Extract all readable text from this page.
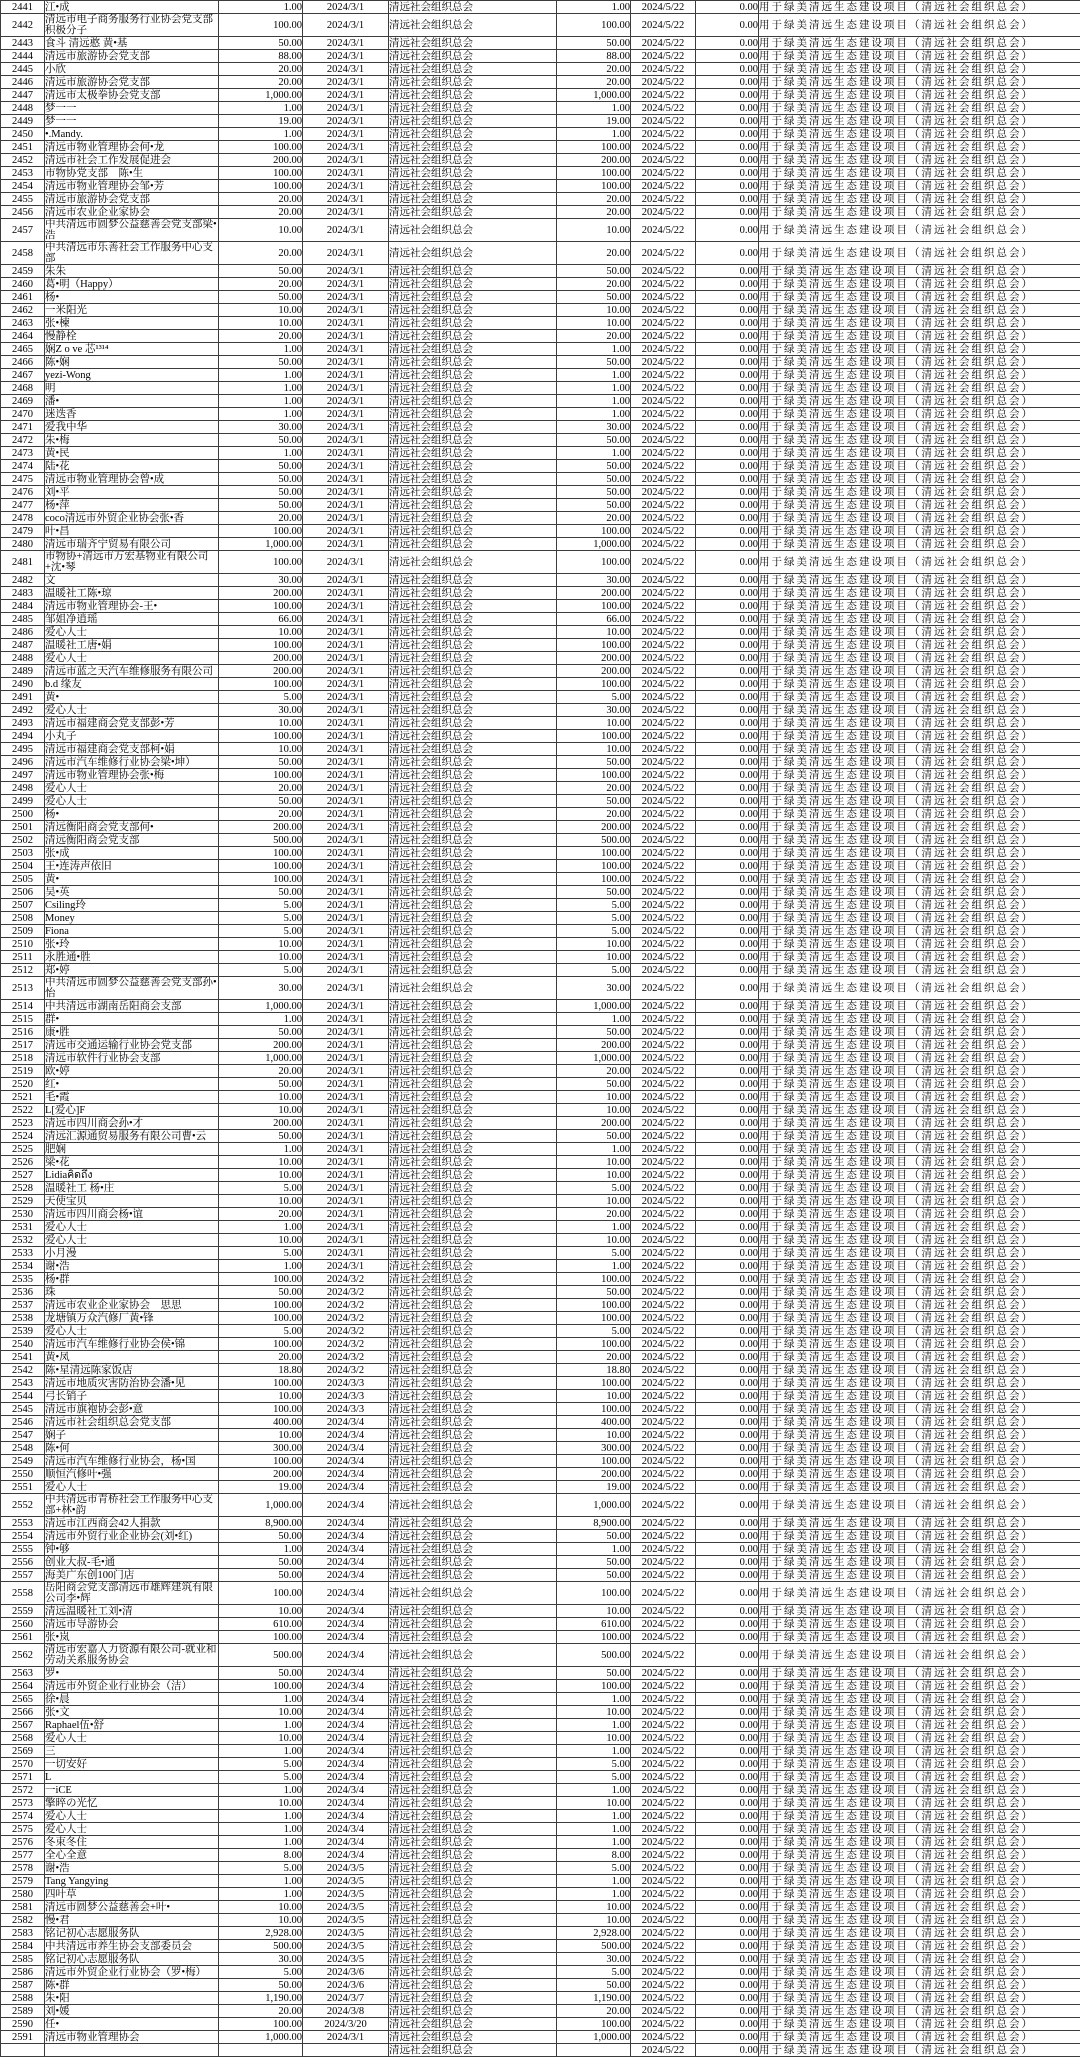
2441	江•成	1.00	2024/3/1	清远社会组织总会	1.00	2024/5/22	0.00	用于绿美清远生态建设项目（清远社会组织总会）
2442	清远市电子商务服务行业协会党支部积极分子	100.00	2024/3/1	清远社会组织总会	100.00	2024/5/22	0.00	用于绿美清远生态建设项目（清远社会组织总会）
2443	食斗 清远憨 黄•基	50.00	2024/3/1	清远社会组织总会	50.00	2024/5/22	0.00	用于绿美清远生态建设项目（清远社会组织总会）
2444	清远市旅游协会党支部	88.00	2024/3/1	清远社会组织总会	88.00	2024/5/22	0.00	用于绿美清远生态建设项目（清远社会组织总会）
2445	小欣	20.00	2024/3/1	清远社会组织总会	20.00	2024/5/22	0.00	用于绿美清远生态建设项目（清远社会组织总会）
2446	清远市旅游协会党支部	20.00	2024/3/1	清远社会组织总会	20.00	2024/5/22	0.00	用于绿美清远生态建设项目（清远社会组织总会）
2447	清远市太极拳协会党支部	1,000.00	2024/3/1	清远社会组织总会	1,000.00	2024/5/22	0.00	用于绿美清远生态建设项目（清远社会组织总会）
2448	梦一一	1.00	2024/3/1	清远社会组织总会	1.00	2024/5/22	0.00	用于绿美清远生态建设项目（清远社会组织总会）
2449	梦一一	19.00	2024/3/1	清远社会组织总会	19.00	2024/5/22	0.00	用于绿美清远生态建设项目（清远社会组织总会）
2450	•.Mandy.	1.00	2024/3/1	清远社会组织总会	1.00	2024/5/22	0.00	用于绿美清远生态建设项目（清远社会组织总会）
2451	清远市物业管理协会何•龙	100.00	2024/3/1	清远社会组织总会	100.00	2024/5/22	0.00	用于绿美清远生态建设项目（清远社会组织总会）
2452	清远市社会工作发展促进会	200.00	2024/3/1	清远社会组织总会	200.00	2024/5/22	0.00	用于绿美清远生态建设项目（清远社会组织总会）
2453	市物协党支部　陈•生	100.00	2024/3/1	清远社会组织总会	100.00	2024/5/22	0.00	用于绿美清远生态建设项目（清远社会组织总会）
2454	清远市物业管理协会邹•芳	100.00	2024/3/1	清远社会组织总会	100.00	2024/5/22	0.00	用于绿美清远生态建设项目（清远社会组织总会）
2455	清远市旅游协会党支部	20.00	2024/3/1	清远社会组织总会	20.00	2024/5/22	0.00	用于绿美清远生态建设项目（清远社会组织总会）
2456	清远市农业企业家协会	20.00	2024/3/1	清远社会组织总会	20.00	2024/5/22	0.00	用于绿美清远生态建设项目（清远社会组织总会）
2457	中共清远市圆梦公益慈善会党支部梁•浩	10.00	2024/3/1	清远社会组织总会	10.00	2024/5/22	0.00	用于绿美清远生态建设项目（清远社会组织总会）
2458	中共清远市乐善社会工作服务中心支部	20.00	2024/3/1	清远社会组织总会	20.00	2024/5/22	0.00	用于绿美清远生态建设项目（清远社会组织总会）
2459	朱朱	50.00	2024/3/1	清远社会组织总会	50.00	2024/5/22	0.00	用于绿美清远生态建设项目（清远社会组织总会）
2460	葛•明（Happy）	20.00	2024/3/1	清远社会组织总会	20.00	2024/5/22	0.00	用于绿美清远生态建设项目（清远社会组织总会）
2461	杨•	50.00	2024/3/1	清远社会组织总会	50.00	2024/5/22	0.00	用于绿美清远生态建设项目（清远社会组织总会）
2462	一米阳光	10.00	2024/3/1	清远社会组织总会	10.00	2024/5/22	0.00	用于绿美清远生态建设项目（清远社会组织总会）
2463	张•楝	10.00	2024/3/1	清远社会组织总会	10.00	2024/5/22	0.00	用于绿美清远生态建设项目（清远社会组织总会）
2464	慢静栓	20.00	2024/3/1	清远社会组织总会	20.00	2024/5/22	0.00	用于绿美清远生态建设项目（清远社会组织总会）
2465	娴Z o ve 芯¹³¹⁴	1.00	2024/3/1	清远社会组织总会	1.00	2024/5/22	0.00	用于绿美清远生态建设项目（清远社会组织总会）
2466	陈•娴	50.00	2024/3/1	清远社会组织总会	50.00	2024/5/22	0.00	用于绿美清远生态建设项目（清远社会组织总会）
2467	yezi-Wong	1.00	2024/3/1	清远社会组织总会	1.00	2024/5/22	0.00	用于绿美清远生态建设项目（清远社会组织总会）
2468	明	1.00	2024/3/1	清远社会组织总会	1.00	2024/5/22	0.00	用于绿美清远生态建设项目（清远社会组织总会）
2469	潘•	1.00	2024/3/1	清远社会组织总会	1.00	2024/5/22	0.00	用于绿美清远生态建设项目（清远社会组织总会）
2470	迷迭香	1.00	2024/3/1	清远社会组织总会	1.00	2024/5/22	0.00	用于绿美清远生态建设项目（清远社会组织总会）
2471	爱我中华	30.00	2024/3/1	清远社会组织总会	30.00	2024/5/22	0.00	用于绿美清远生态建设项目（清远社会组织总会）
2472	朱•梅	50.00	2024/3/1	清远社会组织总会	50.00	2024/5/22	0.00	用于绿美清远生态建设项目（清远社会组织总会）
2473	黄•民	1.00	2024/3/1	清远社会组织总会	1.00	2024/5/22	0.00	用于绿美清远生态建设项目（清远社会组织总会）
2474	陆•花	50.00	2024/3/1	清远社会组织总会	50.00	2024/5/22	0.00	用于绿美清远生态建设项目（清远社会组织总会）
2475	清远市物业管理协会曾•成	50.00	2024/3/1	清远社会组织总会	50.00	2024/5/22	0.00	用于绿美清远生态建设项目（清远社会组织总会）
2476	刘•平	50.00	2024/3/1	清远社会组织总会	50.00	2024/5/22	0.00	用于绿美清远生态建设项目（清远社会组织总会）
2477	杨•萍	50.00	2024/3/1	清远社会组织总会	50.00	2024/5/22	0.00	用于绿美清远生态建设项目（清远社会组织总会）
2478	coco清远市外贸企业协会张•香	20.00	2024/3/1	清远社会组织总会	20.00	2024/5/22	0.00	用于绿美清远生态建设项目（清远社会组织总会）
2479	叶•昌	100.00	2024/3/1	清远社会组织总会	100.00	2024/5/22	0.00	用于绿美清远生态建设项目（清远社会组织总会）
2480	清远市瑞齐宁贸易有限公司	1,000.00	2024/3/1	清远社会组织总会	1,000.00	2024/5/22	0.00	用于绿美清远生态建设项目（清远社会组织总会）
2481	市物协+清远市万宏基物业有限公司+沈•琴	100.00	2024/3/1	清远社会组织总会	100.00	2024/5/22	0.00	用于绿美清远生态建设项目（清远社会组织总会）
2482	文	30.00	2024/3/1	清远社会组织总会	30.00	2024/5/22	0.00	用于绿美清远生态建设项目（清远社会组织总会）
2483	温暖社工陈•琼	200.00	2024/3/1	清远社会组织总会	200.00	2024/5/22	0.00	用于绿美清远生态建设项目（清远社会组织总会）
2484	清远市物业管理协会-王•	100.00	2024/3/1	清远社会组织总会	100.00	2024/5/22	0.00	用于绿美清远生态建设项目（清远社会组织总会）
2485	邹姐净逍瑶	66.00	2024/3/1	清远社会组织总会	66.00	2024/5/22	0.00	用于绿美清远生态建设项目（清远社会组织总会）
2486	爱心人士	10.00	2024/3/1	清远社会组织总会	10.00	2024/5/22	0.00	用于绿美清远生态建设项目（清远社会组织总会）
2487	温暖社工唐•娟	100.00	2024/3/1	清远社会组织总会	100.00	2024/5/22	0.00	用于绿美清远生态建设项目（清远社会组织总会）
2488	爱心人士	200.00	2024/3/1	清远社会组织总会	200.00	2024/5/22	0.00	用于绿美清远生态建设项目（清远社会组织总会）
2489	清远市蓝之天汽车维修服务有限公司	200.00	2024/3/1	清远社会组织总会	200.00	2024/5/22	0.00	用于绿美清远生态建设项目（清远社会组织总会）
2490	b.d 缘友	100.00	2024/3/1	清远社会组织总会	100.00	2024/5/22	0.00	用于绿美清远生态建设项目（清远社会组织总会）
2491	黄•	5.00	2024/3/1	清远社会组织总会	5.00	2024/5/22	0.00	用于绿美清远生态建设项目（清远社会组织总会）
2492	爱心人士	30.00	2024/3/1	清远社会组织总会	30.00	2024/5/22	0.00	用于绿美清远生态建设项目（清远社会组织总会）
2493	清远市福建商会党支部彭•芳	10.00	2024/3/1	清远社会组织总会	10.00	2024/5/22	0.00	用于绿美清远生态建设项目（清远社会组织总会）
2494	小丸子	100.00	2024/3/1	清远社会组织总会	100.00	2024/5/22	0.00	用于绿美清远生态建设项目（清远社会组织总会）
2495	清远市福建商会党支部柯•娟	10.00	2024/3/1	清远社会组织总会	10.00	2024/5/22	0.00	用于绿美清远生态建设项目（清远社会组织总会）
2496	清远市汽车维修行业协会梁•坤）	50.00	2024/3/1	清远社会组织总会	50.00	2024/5/22	0.00	用于绿美清远生态建设项目（清远社会组织总会）
2497	清远市物业管理协会张•梅	100.00	2024/3/1	清远社会组织总会	100.00	2024/5/22	0.00	用于绿美清远生态建设项目（清远社会组织总会）
2498	爱心人士	20.00	2024/3/1	清远社会组织总会	20.00	2024/5/22	0.00	用于绿美清远生态建设项目（清远社会组织总会）
2499	爱心人士	50.00	2024/3/1	清远社会组织总会	50.00	2024/5/22	0.00	用于绿美清远生态建设项目（清远社会组织总会）
2500	杨•	20.00	2024/3/1	清远社会组织总会	20.00	2024/5/22	0.00	用于绿美清远生态建设项目（清远社会组织总会）
2501	清远衡阳商会党支部何•	200.00	2024/3/1	清远社会组织总会	200.00	2024/5/22	0.00	用于绿美清远生态建设项目（清远社会组织总会）
2502	清远衡阳商会党支部	500.00	2024/3/1	清远社会组织总会	500.00	2024/5/22	0.00	用于绿美清远生态建设项目（清远社会组织总会）
2503	张•成	100.00	2024/3/1	清远社会组织总会	100.00	2024/5/22	0.00	用于绿美清远生态建设项目（清远社会组织总会）
2504	王•连涛声依旧	100.00	2024/3/1	清远社会组织总会	100.00	2024/5/22	0.00	用于绿美清远生态建设项目（清远社会组织总会）
2505	黄•	100.00	2024/3/1	清远社会组织总会	100.00	2024/5/22	0.00	用于绿美清远生态建设项目（清远社会组织总会）
2506	吴•英	50.00	2024/3/1	清远社会组织总会	50.00	2024/5/22	0.00	用于绿美清远生态建设项目（清远社会组织总会）
2507	Csiling玲	5.00	2024/3/1	清远社会组织总会	5.00	2024/5/22	0.00	用于绿美清远生态建设项目（清远社会组织总会）
2508	Money	5.00	2024/3/1	清远社会组织总会	5.00	2024/5/22	0.00	用于绿美清远生态建设项目（清远社会组织总会）
2509	Fiona	5.00	2024/3/1	清远社会组织总会	5.00	2024/5/22	0.00	用于绿美清远生态建设项目（清远社会组织总会）
2510	张•玲	10.00	2024/3/1	清远社会组织总会	10.00	2024/5/22	0.00	用于绿美清远生态建设项目（清远社会组织总会）
2511	永胜通•胜	10.00	2024/3/1	清远社会组织总会	10.00	2024/5/22	0.00	用于绿美清远生态建设项目（清远社会组织总会）
2512	郑•婷	5.00	2024/3/1	清远社会组织总会	5.00	2024/5/22	0.00	用于绿美清远生态建设项目（清远社会组织总会）
2513	中共清远市圆梦公益慈善会党支部孙•怡	30.00	2024/3/1	清远社会组织总会	30.00	2024/5/22	0.00	用于绿美清远生态建设项目（清远社会组织总会）
2514	中共清远市湖南岳阳商会支部	1,000.00	2024/3/1	清远社会组织总会	1,000.00	2024/5/22	0.00	用于绿美清远生态建设项目（清远社会组织总会）
2515	群•	1.00	2024/3/1	清远社会组织总会	1.00	2024/5/22	0.00	用于绿美清远生态建设项目（清远社会组织总会）
2516	康•胜	50.00	2024/3/1	清远社会组织总会	50.00	2024/5/22	0.00	用于绿美清远生态建设项目（清远社会组织总会）
2517	清远市交通运输行业协会党支部	200.00	2024/3/1	清远社会组织总会	200.00	2024/5/22	0.00	用于绿美清远生态建设项目（清远社会组织总会）
2518	清远市软件行业协会支部	1,000.00	2024/3/1	清远社会组织总会	1,000.00	2024/5/22	0.00	用于绿美清远生态建设项目（清远社会组织总会）
2519	欧•婷	20.00	2024/3/1	清远社会组织总会	20.00	2024/5/22	0.00	用于绿美清远生态建设项目（清远社会组织总会）
2520	红•	50.00	2024/3/1	清远社会组织总会	50.00	2024/5/22	0.00	用于绿美清远生态建设项目（清远社会组织总会）
2521	毛•霞	10.00	2024/3/1	清远社会组织总会	10.00	2024/5/22	0.00	用于绿美清远生态建设项目（清远社会组织总会）
2522	L[爱心]F	10.00	2024/3/1	清远社会组织总会	10.00	2024/5/22	0.00	用于绿美清远生态建设项目（清远社会组织总会）
2523	清远市四川商会孙•才	200.00	2024/3/1	清远社会组织总会	200.00	2024/5/22	0.00	用于绿美清远生态建设项目（清远社会组织总会）
2524	清远汇源通贸易服务有限公司曹•云	50.00	2024/3/1	清远社会组织总会	50.00	2024/5/22	0.00	用于绿美清远生态建设项目（清远社会组织总会）
2525	肥娴	1.00	2024/3/1	清远社会组织总会	1.00	2024/5/22	0.00	用于绿美清远生态建设项目（清远社会组织总会）
2526	梁•花	10.00	2024/3/1	清远社会组织总会	10.00	2024/5/22	0.00	用于绿美清远生态建设项目（清远社会组织总会）
2527	Lidiaคิดถึง	10.00	2024/3/1	清远社会组织总会	10.00	2024/5/22	0.00	用于绿美清远生态建设项目（清远社会组织总会）
2528	温暖社工 杨•庄	5.00	2024/3/1	清远社会组织总会	5.00	2024/5/22	0.00	用于绿美清远生态建设项目（清远社会组织总会）
2529	天使宝贝	10.00	2024/3/1	清远社会组织总会	10.00	2024/5/22	0.00	用于绿美清远生态建设项目（清远社会组织总会）
2530	清远市四川商会杨•谊	20.00	2024/3/1	清远社会组织总会	20.00	2024/5/22	0.00	用于绿美清远生态建设项目（清远社会组织总会）
2531	爱心人士	1.00	2024/3/1	清远社会组织总会	1.00	2024/5/22	0.00	用于绿美清远生态建设项目（清远社会组织总会）
2532	爱心人士	10.00	2024/3/1	清远社会组织总会	10.00	2024/5/22	0.00	用于绿美清远生态建设项目（清远社会组织总会）
2533	小月漫	5.00	2024/3/1	清远社会组织总会	5.00	2024/5/22	0.00	用于绿美清远生态建设项目（清远社会组织总会）
2534	谢•浩	1.00	2024/3/1	清远社会组织总会	1.00	2024/5/22	0.00	用于绿美清远生态建设项目（清远社会组织总会）
2535	杨•群	100.00	2024/3/2	清远社会组织总会	100.00	2024/5/22	0.00	用于绿美清远生态建设项目（清远社会组织总会）
2536	珠	50.00	2024/3/2	清远社会组织总会	50.00	2024/5/22	0.00	用于绿美清远生态建设项目（清远社会组织总会）
2537	清远市农业企业家协会　思思	100.00	2024/3/2	清远社会组织总会	100.00	2024/5/22	0.00	用于绿美清远生态建设项目（清远社会组织总会）
2538	龙塘镇万众汽修厂黄•锋	100.00	2024/3/2	清远社会组织总会	100.00	2024/5/22	0.00	用于绿美清远生态建设项目（清远社会组织总会）
2539	爱心人士	5.00	2024/3/2	清远社会组织总会	5.00	2024/5/22	0.00	用于绿美清远生态建设项目（清远社会组织总会）
2540	清远市汽车维修行业协会侯•锦	100.00	2024/3/2	清远社会组织总会	100.00	2024/5/22	0.00	用于绿美清远生态建设项目（清远社会组织总会）
2541	黄•凤	20.00	2024/3/2	清远社会组织总会	20.00	2024/5/22	0.00	用于绿美清远生态建设项目（清远社会组织总会）
2542	陈•星清远陈家饭店	18.80	2024/3/2	清远社会组织总会	18.80	2024/5/22	0.00	用于绿美清远生态建设项目（清远社会组织总会）
2543	清远市地质灾害防治协会潘•见	100.00	2024/3/3	清远社会组织总会	100.00	2024/5/22	0.00	用于绿美清远生态建设项目（清远社会组织总会）
2544	弓长销子	10.00	2024/3/3	清远社会组织总会	10.00	2024/5/22	0.00	用于绿美清远生态建设项目（清远社会组织总会）
2545	清远市旗袍协会彭•意	100.00	2024/3/3	清远社会组织总会	100.00	2024/5/22	0.00	用于绿美清远生态建设项目（清远社会组织总会）
2546	清远市社会组织总会党支部	400.00	2024/3/4	清远社会组织总会	400.00	2024/5/22	0.00	用于绿美清远生态建设项目（清远社会组织总会）
2547	娴子	10.00	2024/3/4	清远社会组织总会	10.00	2024/5/22	0.00	用于绿美清远生态建设项目（清远社会组织总会）
2548	陈•何	300.00	2024/3/4	清远社会组织总会	300.00	2024/5/22	0.00	用于绿美清远生态建设项目（清远社会组织总会）
2549	清远市汽车维修行业协会，杨•国	100.00	2024/3/4	清远社会组织总会	100.00	2024/5/22	0.00	用于绿美清远生态建设项目（清远社会组织总会）
2550	顺恒汽修叶•强	200.00	2024/3/4	清远社会组织总会	200.00	2024/5/22	0.00	用于绿美清远生态建设项目（清远社会组织总会）
2551	爱心人士	19.00	2024/3/4	清远社会组织总会	19.00	2024/5/22	0.00	用于绿美清远生态建设项目（清远社会组织总会）
2552	中共清远市青桥社会工作服务中心支部+林•韵	1,000.00	2024/3/4	清远社会组织总会	1,000.00	2024/5/22	0.00	用于绿美清远生态建设项目（清远社会组织总会）
2553	清远市江西商会42人捐款	8,900.00	2024/3/4	清远社会组织总会	8,900.00	2024/5/22	0.00	用于绿美清远生态建设项目（清远社会组织总会）
2554	清远市外贸行业企业协会(刘•红)	50.00	2024/3/4	清远社会组织总会	50.00	2024/5/22	0.00	用于绿美清远生态建设项目（清远社会组织总会）
2555	钟•够	1.00	2024/3/4	清远社会组织总会	1.00	2024/5/22	0.00	用于绿美清远生态建设项目（清远社会组织总会）
2556	创业大叔-毛•通	50.00	2024/3/4	清远社会组织总会	50.00	2024/5/22	0.00	用于绿美清远生态建设项目（清远社会组织总会）
2557	海美广东创100门店	50.00	2024/3/4	清远社会组织总会	50.00	2024/5/22	0.00	用于绿美清远生态建设项目（清远社会组织总会）
2558	岳阳商会党支部清远市雄辉建筑有限公司李•辉	100.00	2024/3/4	清远社会组织总会	100.00	2024/5/22	0.00	用于绿美清远生态建设项目（清远社会组织总会）
2559	清远温暖社工刘•清	10.00	2024/3/4	清远社会组织总会	10.00	2024/5/22	0.00	用于绿美清远生态建设项目（清远社会组织总会）
2560	清远市导游协会	610.00	2024/3/4	清远社会组织总会	610.00	2024/5/22	0.00	用于绿美清远生态建设项目（清远社会组织总会）
2561	张•岚	100.00	2024/3/4	清远社会组织总会	100.00	2024/5/22	0.00	用于绿美清远生态建设项目（清远社会组织总会）
2562	清远市宏嘉人力资源有限公司-就业和劳动关系服务协会	500.00	2024/3/4	清远社会组织总会	500.00	2024/5/22	0.00	用于绿美清远生态建设项目（清远社会组织总会）
2563	罗•	50.00	2024/3/4	清远社会组织总会	50.00	2024/5/22	0.00	用于绿美清远生态建设项目（清远社会组织总会）
2564	清远市外贸企业行业协会（洁）	100.00	2024/3/4	清远社会组织总会	100.00	2024/5/22	0.00	用于绿美清远生态建设项目（清远社会组织总会）
2565	徐•晨	1.00	2024/3/4	清远社会组织总会	1.00	2024/5/22	0.00	用于绿美清远生态建设项目（清远社会组织总会）
2566	张•文	10.00	2024/3/4	清远社会组织总会	10.00	2024/5/22	0.00	用于绿美清远生态建设项目（清远社会组织总会）
2567	Raphael伍•舒	1.00	2024/3/4	清远社会组织总会	1.00	2024/5/22	0.00	用于绿美清远生态建设项目（清远社会组织总会）
2568	爱心人士	10.00	2024/3/4	清远社会组织总会	10.00	2024/5/22	0.00	用于绿美清远生态建设项目（清远社会组织总会）
2569	三	1.00	2024/3/4	清远社会组织总会	1.00	2024/5/22	0.00	用于绿美清远生态建设项目（清远社会组织总会）
2570	一切安好	5.00	2024/3/4	清远社会组织总会	5.00	2024/5/22	0.00	用于绿美清远生态建设项目（清远社会组织总会）
2571	L	5.00	2024/3/4	清远社会组织总会	5.00	2024/5/22	0.00	用于绿美清远生态建设项目（清远社会组织总会）
2572	一iCE	1.00	2024/3/4	清远社会组织总会	1.00	2024/5/22	0.00	用于绿美清远生态建设项目（清远社会组织总会）
2573	擎晬の光忆	10.00	2024/3/4	清远社会组织总会	10.00	2024/5/22	0.00	用于绿美清远生态建设项目（清远社会组织总会）
2574	爱心人士	1.00	2024/3/4	清远社会组织总会	1.00	2024/5/22	0.00	用于绿美清远生态建设项目（清远社会组织总会）
2575	爱心人士	1.00	2024/3/4	清远社会组织总会	1.00	2024/5/22	0.00	用于绿美清远生态建设项目（清远社会组织总会）
2576	冬束冬住	1.00	2024/3/4	清远社会组织总会	1.00	2024/5/22	0.00	用于绿美清远生态建设项目（清远社会组织总会）
2577	全心全意	8.00	2024/3/4	清远社会组织总会	8.00	2024/5/22	0.00	用于绿美清远生态建设项目（清远社会组织总会）
2578	谢•浩	5.00	2024/3/5	清远社会组织总会	5.00	2024/5/22	0.00	用于绿美清远生态建设项目（清远社会组织总会）
2579	Tang Yangying	1.00	2024/3/5	清远社会组织总会	1.00	2024/5/22	0.00	用于绿美清远生态建设项目（清远社会组织总会）
2580	四叶草	1.00	2024/3/5	清远社会组织总会	1.00	2024/5/22	0.00	用于绿美清远生态建设项目（清远社会组织总会）
2581	清远市圆梦公益慈善会+叶•	10.00	2024/3/5	清远社会组织总会	10.00	2024/5/22	0.00	用于绿美清远生态建设项目（清远社会组织总会）
2582	慢•君	10.00	2024/3/5	清远社会组织总会	10.00	2024/5/22	0.00	用于绿美清远生态建设项目（清远社会组织总会）
2583	铭记初心志愿服务队	2,928.00	2024/3/5	清远社会组织总会	2,928.00	2024/5/22	0.00	用于绿美清远生态建设项目（清远社会组织总会）
2584	中共清远市养生协会支部委员会	500.00	2024/3/5	清远社会组织总会	500.00	2024/5/22	0.00	用于绿美清远生态建设项目（清远社会组织总会）
2585	铭记初心志愿服务队	30.00	2024/3/5	清远社会组织总会	30.00	2024/5/22	0.00	用于绿美清远生态建设项目（清远社会组织总会）
2586	清远市外贸企业行业协会（罗•梅）	5.00	2024/3/6	清远社会组织总会	5.00	2024/5/22	0.00	用于绿美清远生态建设项目（清远社会组织总会）
2587	陈•群	50.00	2024/3/6	清远社会组织总会	50.00	2024/5/22	0.00	用于绿美清远生态建设项目（清远社会组织总会）
2588	朱•阳	1,190.00	2024/3/7	清远社会组织总会	1,190.00	2024/5/22	0.00	用于绿美清远生态建设项目（清远社会组织总会）
2589	刘•媛	20.00	2024/3/8	清远社会组织总会	20.00	2024/5/22	0.00	用于绿美清远生态建设项目（清远社会组织总会）
2590	任•	100.00	2024/3/20	清远社会组织总会	100.00	2024/5/22	0.00	用于绿美清远生态建设项目（清远社会组织总会）
2591	清远市物业管理协会	1,000.00	2024/3/1	清远社会组织总会	1,000.00	2024/5/22	0.00	用于绿美清远生态建设项目（清远社会组织总会）
				清远社会组织总会		2024/5/22	0.00	用于绿美清远生态建设项目（清远社会组织总会）
